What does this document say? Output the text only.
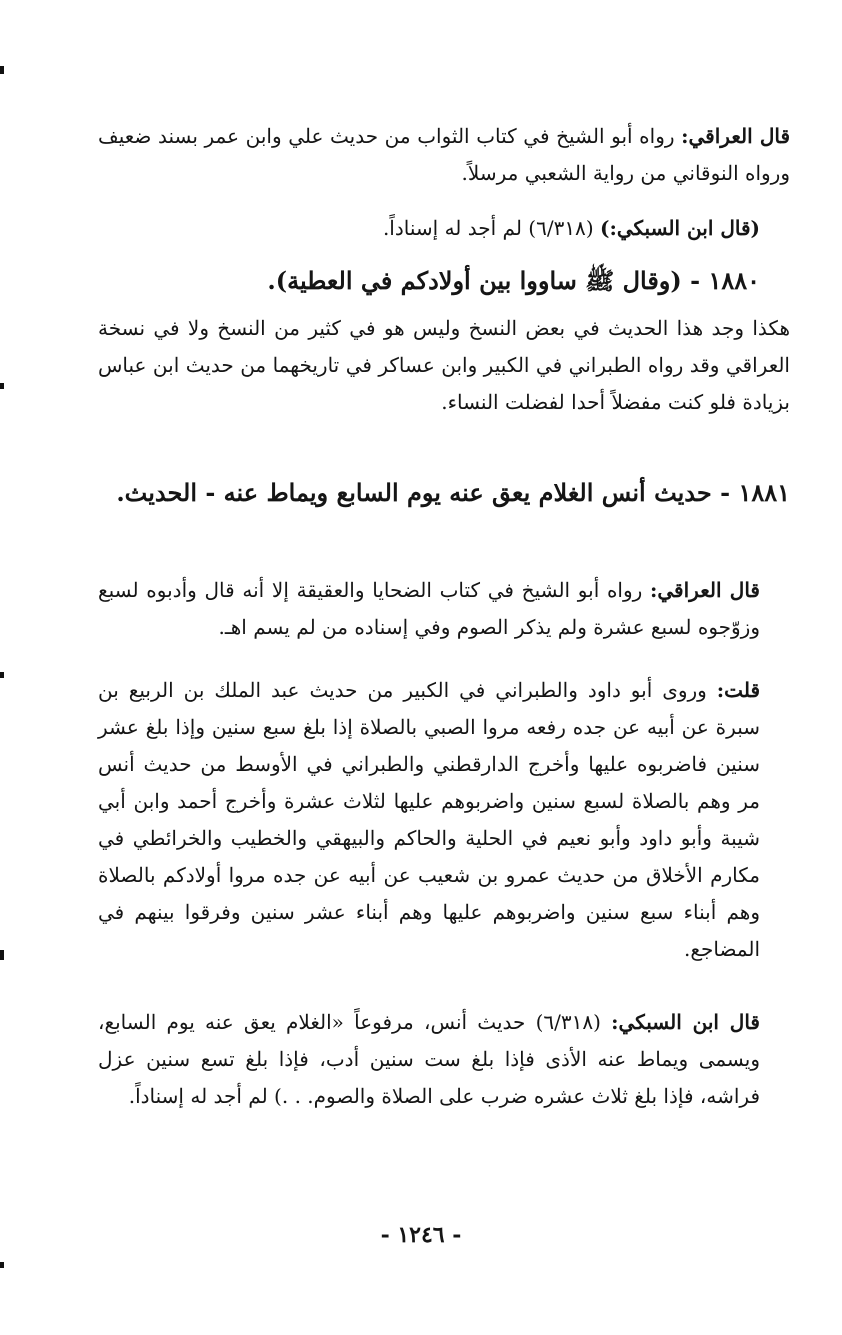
قال العراقي: رواه أبو الشيخ في كتاب الثواب من حديث علي وابن عمر بسند ضعيف ورواه النوقاني من رواية الشعبي مرسلاً.
(قال ابن السبكي:) (٦/٣١٨) لم أجد له إسناداً.
١٨٨٠ - (وقال ﷺ ساووا بين أولادكم في العطية).
هكذا وجد هذا الحديث في بعض النسخ وليس هو في كثير من النسخ ولا في نسخة العراقي وقد رواه الطبراني في الكبير وابن عساكر في تاريخهما من حديث ابن عباس بزيادة فلو كنت مفضلاً أحدا لفضلت النساء.
١٨٨١ - حديث أنس الغلام يعق عنه يوم السابع ويماط عنه - الحديث.
قال العراقي: رواه أبو الشيخ في كتاب الضحايا والعقيقة إلا أنه قال وأدبوه لسبع وزوّجوه لسبع عشرة ولم يذكر الصوم وفي إسناده من لم يسم اهـ.
قلت: وروى أبو داود والطبراني في الكبير من حديث عبد الملك بن الربيع بن سبرة عن أبيه عن جده رفعه مروا الصبي بالصلاة إذا بلغ سبع سنين وإذا بلغ عشر سنين فاضربوه عليها وأخرج الدارقطني والطبراني في الأوسط من حديث أنس مر وهم بالصلاة لسبع سنين واضربوهم عليها لثلاث عشرة وأخرج أحمد وابن أبي شيبة وأبو داود وأبو نعيم في الحلية والحاكم والبيهقي والخطيب والخرائطي في مكارم الأخلاق من حديث عمرو بن شعيب عن أبيه عن جده مروا أولادكم بالصلاة وهم أبناء سبع سنين واضربوهم عليها وهم أبناء عشر سنين وفرقوا بينهم في المضاجع.
قال ابن السبكي: (٦/٣١٨) حديث أنس، مرفوعاً «الغلام يعق عنه يوم السابع، ويسمى ويماط عنه الأذى فإذا بلغ ست سنين أدب، فإذا بلغ تسع سنين عزل فراشه، فإذا بلغ ثلاث عشره ضرب على الصلاة والصوم. . .) لم أجد له إسناداً.
- ١٢٤٦ -
